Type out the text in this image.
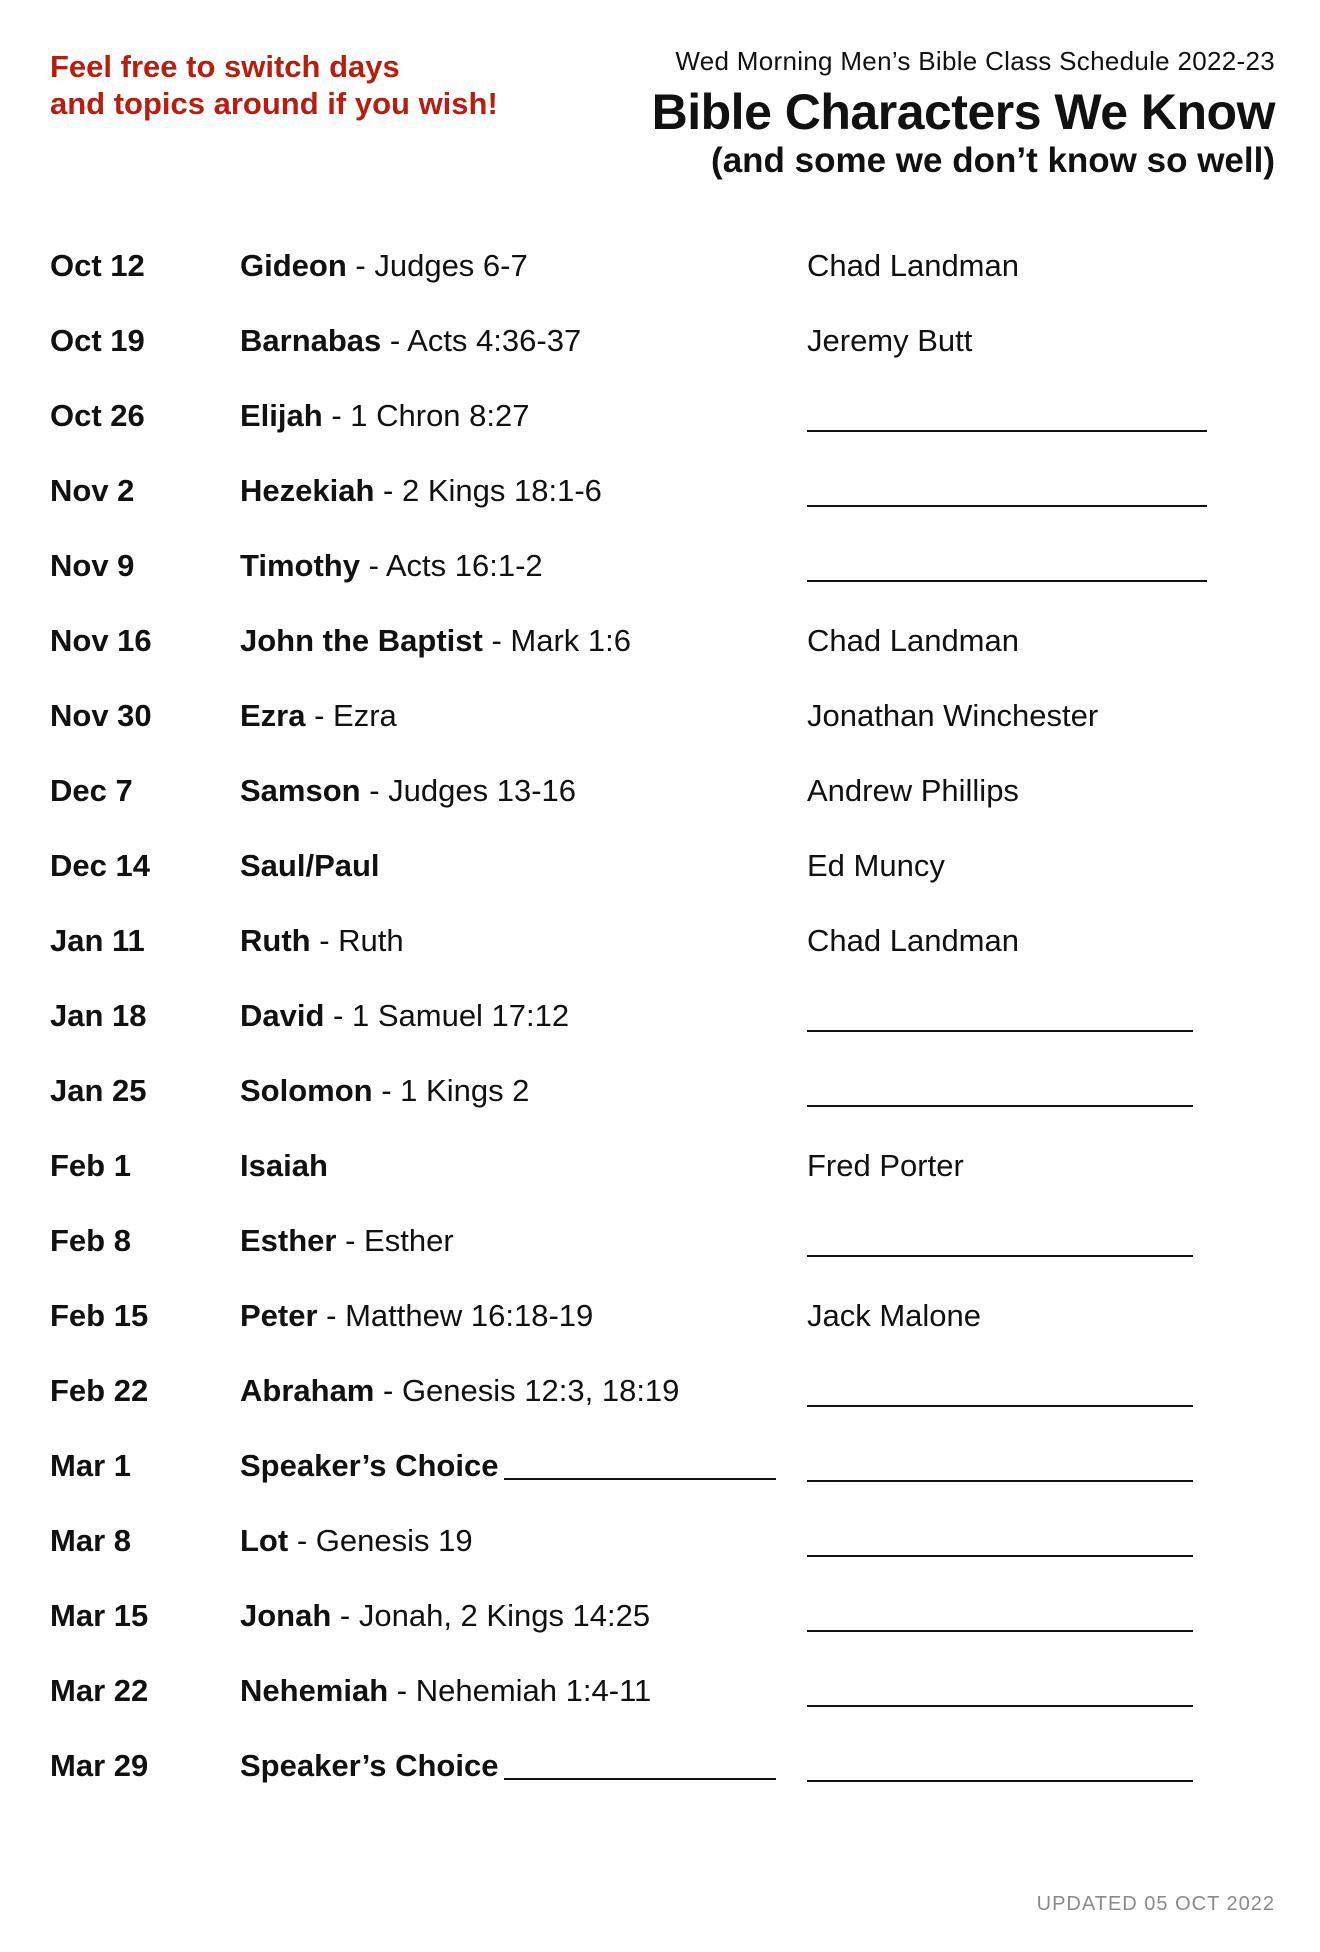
Feel free to switch days
and topics around if you wish!

Wed Morning Men’s Bible Class Schedule 2022-23

Bible Characters We Know
(and some we don’t know so well)
Oct 12	Gideon - Judges 6-7	Chad Landman
Oct 19	Barnabas - Acts 4:36-37	Jeremy Butt
Oct 26	Elijah - 1 Chron 8:27
Nov 2	Hezekiah - 2 Kings 18:1-6
Nov 9	Timothy - Acts 16:1-2
Nov 16	John the Baptist - Mark 1:6	Chad Landman
Nov 30	Ezra - Ezra	Jonathan Winchester
Dec 7	Samson - Judges 13-16	Andrew Phillips
Dec 14	Saul/Paul	Ed Muncy
Jan 11	Ruth - Ruth	Chad Landman
Jan 18	David - 1 Samuel 17:12
Jan 25	Solomon - 1 Kings 2
Feb 1	Isaiah	Fred Porter
Feb 8	Esther - Esther
Feb 15	Peter - Matthew 16:18-19	Jack Malone
Feb 22	Abraham - Genesis 12:3, 18:19
Mar 1	Speaker’s Choice
Mar 8	Lot - Genesis 19
Mar 15	Jonah - Jonah, 2 Kings 14:25
Mar 22	Nehemiah - Nehemiah 1:4-11
Mar 29	Speaker’s Choice

UPDATED 05 OCT 2022
